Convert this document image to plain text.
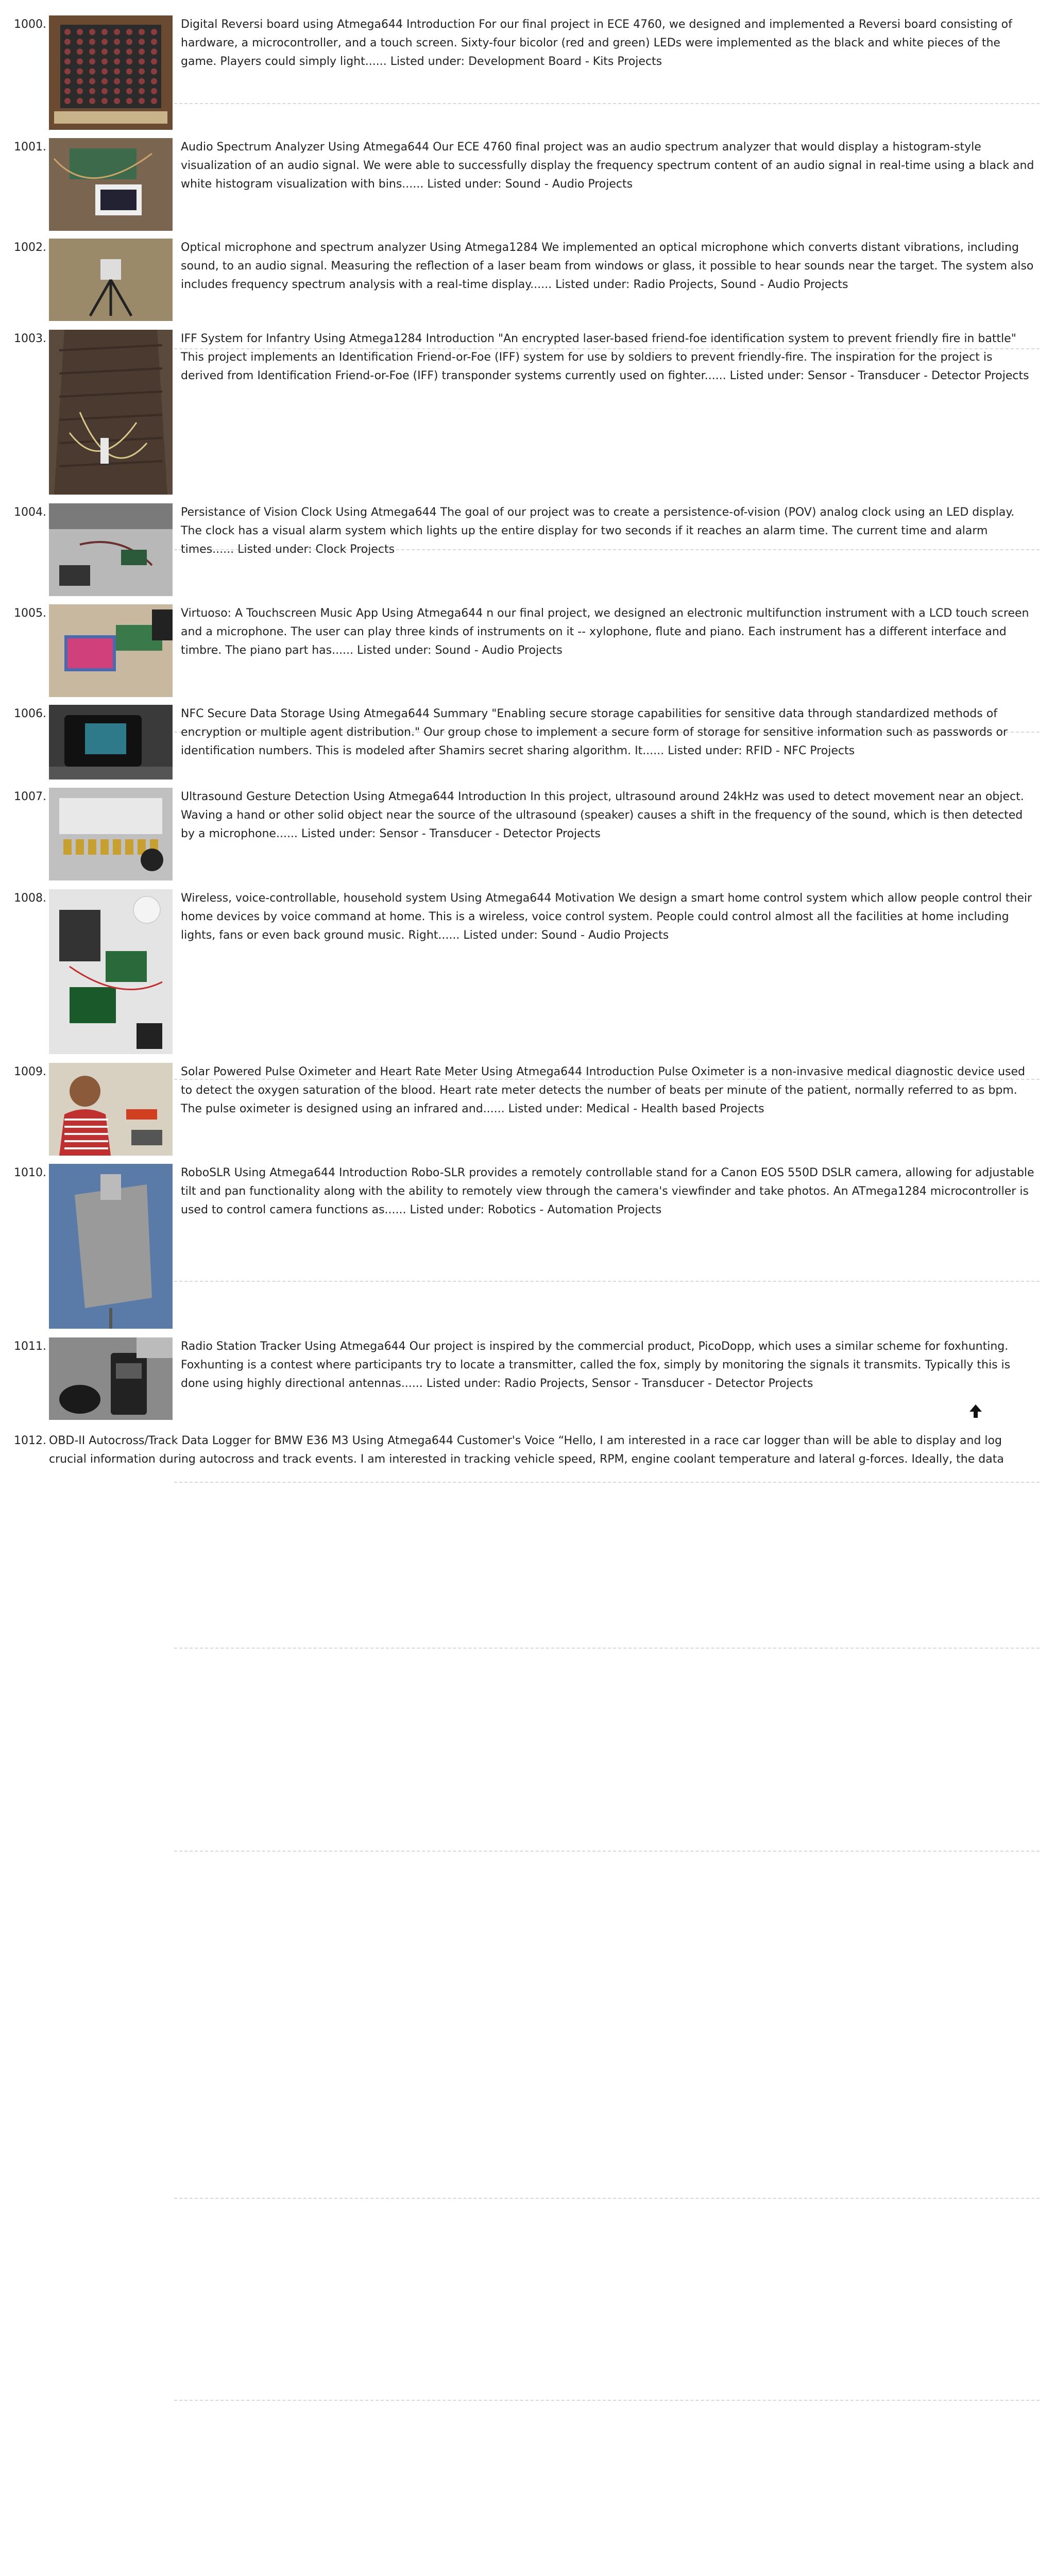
1000.	Digital Reversi board using Atmega644 Introduction For our final project in ECE 4760, we designed and implemented a Reversi board consisting of hardware, a microcontroller, and a touch screen. Sixty-four bicolor (red and green) LEDs were implemented as the black and white pieces of the game. Players could simply light...... Listed under: Development Board - Kits Projects

1001.	Audio Spectrum Analyzer Using Atmega644 Our ECE 4760 final project was an audio spectrum analyzer that would display a histogram-style visualization of an audio signal. We were able to successfully display the frequency spectrum content of an audio signal in real-time using a black and white histogram visualization with bins...... Listed under: Sound - Audio Projects

1002.	Optical microphone and spectrum analyzer Using Atmega1284 We implemented an optical microphone which converts distant vibrations, including sound, to an audio signal. Measuring the reflection of a laser beam from windows or glass, it possible to hear sounds near the target. The system also includes frequency spectrum analysis with a real-time display...... Listed under: Radio Projects, Sound - Audio Projects

1003.	IFF System for Infantry Using Atmega1284 Introduction "An encrypted laser-based friend-foe identification system to prevent friendly fire in battle" This project implements an Identification Friend-or-Foe (IFF) system for use by soldiers to prevent friendly-fire. The inspiration for the project is derived from Identification Friend-or-Foe (IFF) transponder systems currently used on fighter...... Listed under: Sensor - Transducer - Detector Projects

1004.	Persistance of Vision Clock Using Atmega644 The goal of our project was to create a persistence-of-vision (POV) analog clock using an LED display. The clock has a visual alarm system which lights up the entire display for two seconds if it reaches an alarm time. The current time and alarm times...... Listed under: Clock Projects

1005.	Virtuoso: A Touchscreen Music App Using Atmega644 n our final project, we designed an electronic multifunction instrument with a LCD touch screen and a microphone. The user can play three kinds of instruments on it -- xylophone, flute and piano. Each instrument has a different interface and timbre. The piano part has...... Listed under: Sound - Audio Projects

1006.	NFC Secure Data Storage Using Atmega644 Summary "Enabling secure storage capabilities for sensitive data through standardized methods of encryption or multiple agent distribution." Our group chose to implement a secure form of storage for sensitive information such as passwords or identification numbers. This is modeled after Shamirs secret sharing algorithm. It...... Listed under: RFID - NFC Projects

1007.	Ultrasound Gesture Detection Using Atmega644 Introduction In this project, ultrasound around 24kHz was used to detect movement near an object. Waving a hand or other solid object near the source of the ultrasound (speaker) causes a shift in the frequency of the sound, which is then detected by a microphone...... Listed under: Sensor - Transducer - Detector Projects

1008.	Wireless, voice-controllable, household system Using Atmega644 Motivation We design a smart home control system which allow people control their home devices by voice command at home. This is a wireless, voice control system. People could control almost all the facilities at home including lights, fans or even back ground music. Right...... Listed under: Sound - Audio Projects

1009.	Solar Powered Pulse Oximeter and Heart Rate Meter Using Atmega644 Introduction Pulse Oximeter is a non-invasive medical diagnostic device used to detect the oxygen saturation of the blood. Heart rate meter detects the number of beats per minute of the patient, normally referred to as bpm. The pulse oximeter is designed using an infrared and...... Listed under: Medical - Health based Projects

1010.	RoboSLR Using Atmega644 Introduction Robo-SLR provides a remotely controllable stand for a Canon EOS 550D DSLR camera, allowing for adjustable tilt and pan functionality along with the ability to remotely view through the camera's viewfinder and take photos. An ATmega1284 microcontroller is used to control camera functions as...... Listed under: Robotics - Automation Projects

1011.	Radio Station Tracker Using Atmega644 Our project is inspired by the commercial product, PicoDopp, which uses a similar scheme for foxhunting. Foxhunting is a contest where participants try to locate a transmitter, called the fox, simply by monitoring the signals it transmits. Typically this is done using highly directional antennas...... Listed under: Radio Projects, Sensor - Transducer - Detector Projects

1012. OBD-II Autocross/Track Data Logger for BMW E36 M3 Using Atmega644 Customer's Voice “Hello, I am interested in a race car logger than will be able to display and log crucial information during autocross and track events. I am interested in tracking vehicle speed, RPM, engine coolant temperature and lateral g-forces. Ideally, the data
